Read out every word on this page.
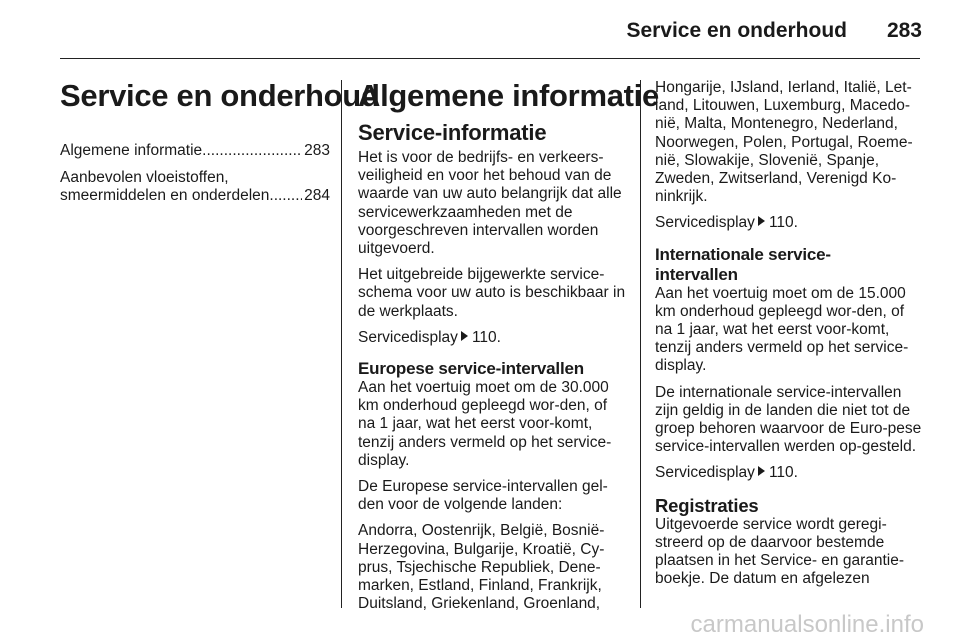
Service en onderhoud	283
Service en onderhoud
Algemene informatie .....	283
Aanbevolen vloeistoffen,
smeermiddelen en onderdelen ..... 284
Algemene informatie
Service-informatie

Het is voor de bedrijfs- en verkeers-veiligheid en voor het behoud van de waarde van uw auto belangrijk dat alle servicewerkzaamheden met de voorgeschreven intervallen worden uitgevoerd.

Het uitgebreide bijgewerkte service-schema voor uw auto is beschikbaar in de werkplaats.

Servicedisplay 110.

Europese service-intervallen

Aan het voertuig moet om de 30.000 km onderhoud gepleegd wor-den, of na 1 jaar, wat het eerst voor-komt, tenzij anders vermeld op het service-display.

De Europese service-intervallen gel-den voor de volgende landen:

Andorra, Oostenrijk, België, Bosnië-Herzegovina, Bulgarije, Kroatië, Cy-prus, Tsjechische Republiek, Dene-marken, Estland, Finland, Frankrijk, Duitsland, Griekenland, Groenland,

Hongarije, IJsland, Ierland, Italië, Let-land, Litouwen, Luxemburg, Macedo-nië, Malta, Montenegro, Nederland, Noorwegen, Polen, Portugal, Roeme-nië, Slowakije, Slovenië, Spanje, Zweden, Zwitserland, Verenigd Ko-ninkrijk.

Servicedisplay 110.

Internationale service-intervallen

Aan het voertuig moet om de 15.000 km onderhoud gepleegd wor-den, of na 1 jaar, wat het eerst voor-komt, tenzij anders vermeld op het service-display.

De internationale service-intervallen zijn geldig in de landen die niet tot de groep behoren waarvoor de Euro-pese service-intervallen werden op-gesteld.

Servicedisplay 110.

Registraties

Uitgevoerde service wordt geregi-streerd op de daarvoor bestemde plaatsen in het Service- en garantie-boekje. De datum en afgelezen

carmanualsonline.info
